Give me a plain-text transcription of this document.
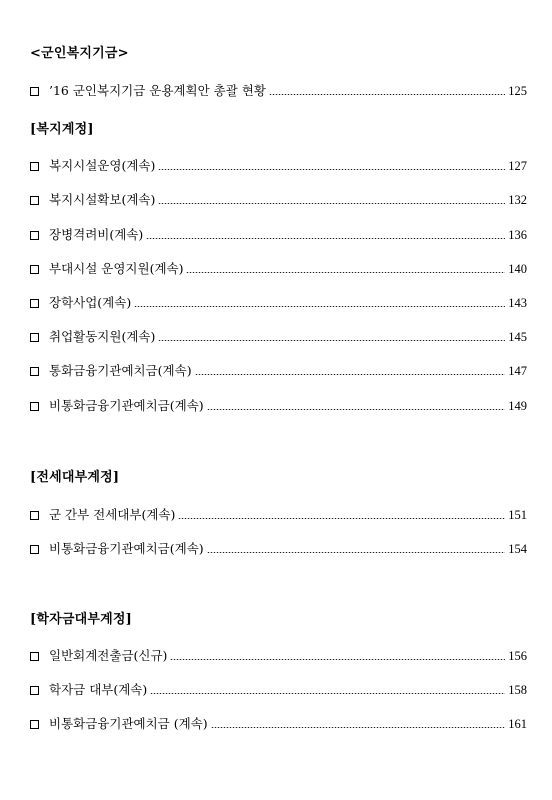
<군인복지기금>
’16 군인복지기금 운용계획안 총괄 현황	125
[복지계정]
복지시설운영(계속)	127
복지시설확보(계속)	132
장병격려비(계속)	136
부대시설 운영지원(계속)	140
장학사업(계속)	143
취업활동지원(계속)	145
통화금융기관예치금(계속)	147
비통화금융기관예치금(계속)	149
[전세대부계정]
군 간부 전세대부(계속)	151
비통화금융기관예치금(계속)	154
[학자금대부계정]
일반회계전출금(신규)	156
학자금 대부(계속)	158
비통화금융기관예치금 (계속)	161
